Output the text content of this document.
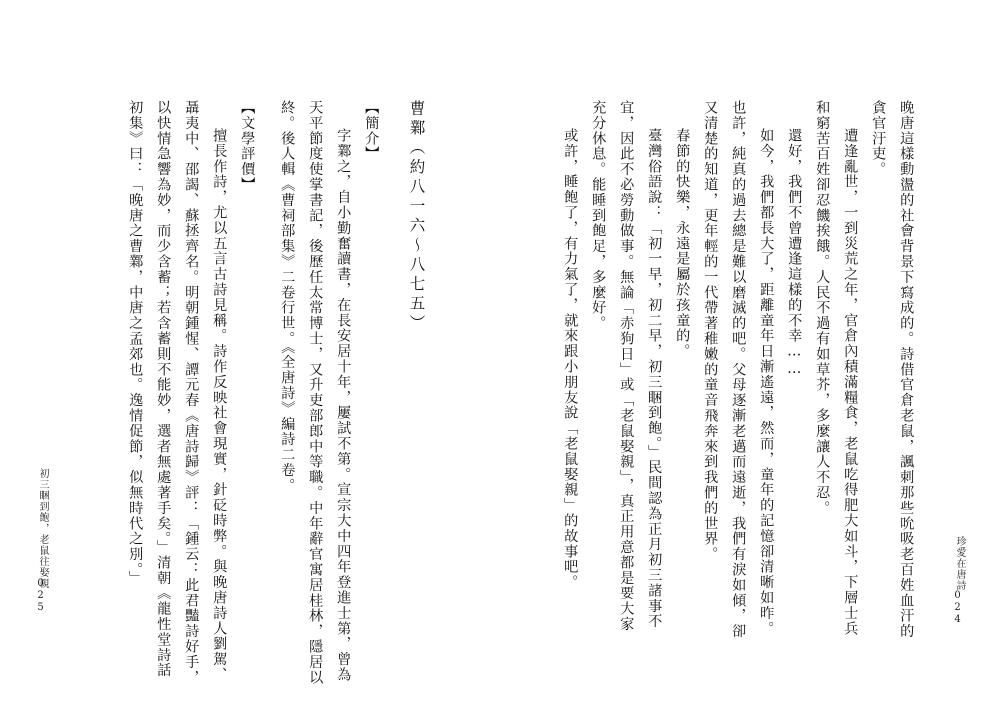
晚唐這樣動盪的社會背景下寫成的。詩借官倉老鼠，諷刺那些吮吸老百姓血汗的
貪官汙吏。
遭逢亂世，一到災荒之年，官倉內積滿糧食，老鼠吃得肥大如斗，下層士兵
和窮苦百姓卻忍饑挨餓。人民不過有如草芥，多麼讓人不忍。
還好，我們不曾遭逢這樣的不幸……
如今，我們都長大了，距離童年日漸遙遠，然而，童年的記憶卻清晰如昨。
也許，純真的過去總是難以磨滅的吧。父母逐漸老邁而遠逝，我們有淚如傾，卻
又清楚的知道，更年輕的一代帶著稚嫩的童音飛奔來到我們的世界。
春節的快樂，永遠是屬於孩童的。
臺灣俗語說：「初一早，初二早，初三睏到飽。」民間認為正月初三諸事不
宜，因此不必勞動做事。無論「赤狗日」或「老鼠娶親」，真正用意都是要大家
充分休息。能睡到飽足，多麼好。
或許，睡飽了，有力氣了，就來跟小朋友說「老鼠娶親」的故事吧。	珍愛在唐詩
024
曹鄴（約八一六～八七五）
【簡介】
字鄴之，自小勤奮讀書，在長安居十年，屢試不第。宣宗大中四年登進士第，曾為
天平節度使掌書記，後歷任太常博士，又升吏部郎中等職。中年辭官寓居桂林，隱居以
終。後人輯《曹祠部集》二卷行世。《全唐詩》編詩二卷。
【文學評價】
擅長作詩，尤以五言古詩見稱。詩作反映社會現實，針砭時弊。與晚唐詩人劉駕、
聶夷中、邵謁、蘇拯齊名。明朝鍾惺、譚元春《唐詩歸》評：「鍾云：此君豔詩好手，
以快情急響為妙，而少含蓄；若含蓄則不能妙，選者無處著手矣。」清朝《龍性堂詩話
初集》曰：「晚唐之曹鄴，中唐之孟郊也。逸情促節，似無時代之別。」
初三睏到飽，老鼠往娶親
025
